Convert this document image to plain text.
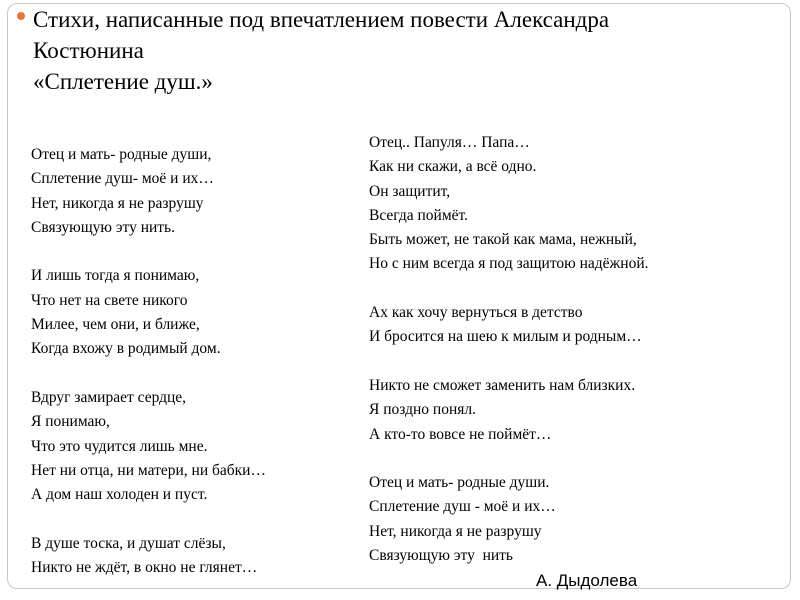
Стихи, написанные под впечатлением повести Александра
Костюнина
«Сплетение душ.»
Отец и мать- родные души,
Сплетение душ- моё и их…
Нет, никогда я не разрушу
Связующую эту нить.
И лишь тогда я понимаю,
Что нет на свете никого
Милее, чем они, и ближе,
Когда вхожу в родимый дом.
Вдруг замирает сердце,
Я понимаю,
Что это чудится лишь мне.
Нет ни отца, ни матери, ни бабки…
А дом наш холоден и пуст.
В душе тоска, и душат слёзы,
Никто не ждёт, в окно не глянет…
Отец.. Папуля… Папа…
Как ни скажи, а всё одно.
Он защитит,
Всегда поймёт.
Быть может, не такой как мама, нежный,
Но с ним всегда я под защитою надёжной.
Ах как хочу вернуться в детство
И бросится на шею к милым и родным…
Никто не сможет заменить нам близких.
Я поздно понял.
А кто-то вовсе не поймёт…
Отец и мать- родные души.
Сплетение душ - моё и их…
Нет, никогда я не разрушу
Связующую эту  нить
А. Дыдолева
